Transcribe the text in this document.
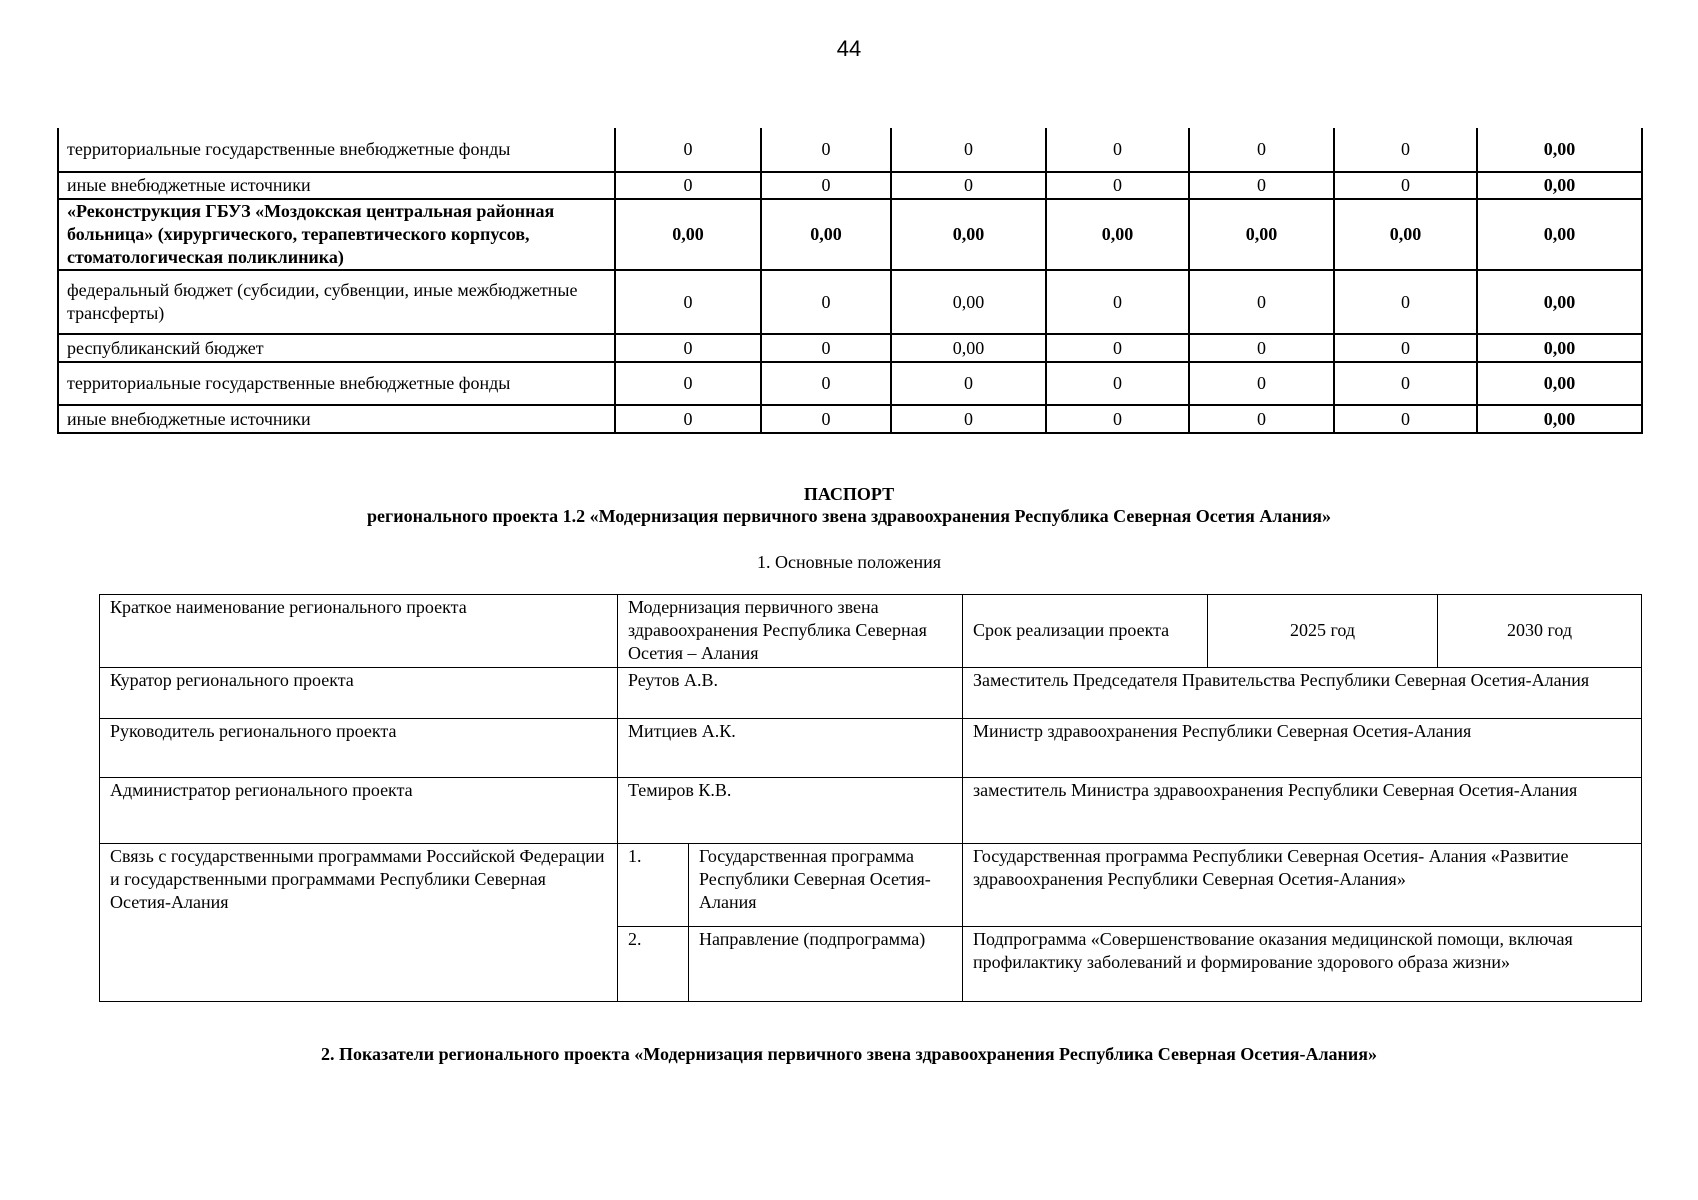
44
территориальные государственные внебюджетные фонды	0	0	0	0	0	0	0,00
иные внебюджетные источники	0	0	0	0	0	0	0,00
«Реконструкция ГБУЗ «Моздокская центральная районная больница» (хирургического, терапевтического корпусов, стоматологическая поликлиника)	0,00	0,00	0,00	0,00	0,00	0,00	0,00
федеральный бюджет (субсидии, субвенции, иные межбюджетные трансферты)	0	0	0,00	0	0	0	0,00
республиканский бюджет	0	0	0,00	0	0	0	0,00
территориальные государственные внебюджетные фонды	0	0	0	0	0	0	0,00
иные внебюджетные источники	0	0	0	0	0	0	0,00
ПАСПОРТ
регионального проекта 1.2 «Модернизация первичного звена здравоохранения Республика Северная Осетия Алания»
1. Основные положения
Краткое наименование регионального проекта	Модернизация первичного звена здравоохранения Республика Северная Осетия – Алания		Срок реализации проекта	2025 год	2030 год
Куратор регионального проекта	Реутов А.В.		Заместитель Председателя Правительства Республики Северная Осетия-Алания		
Руководитель регионального проекта	Митциев А.К.		Министр здравоохранения Республики Северная Осетия-Алания		
Администратор регионального проекта	Темиров К.В.		заместитель Министра здравоохранения Республики Северная Осетия-Алания		
Связь с государственными программами Российской Федерации и государственными программами Республики Северная Осетия-Алания	1.	Государственная программа Республики Северная Осетия-Алания	Государственная программа Республики Северная Осетия- Алания «Развитие здравоохранения Республики Северная Осетия-Алания»		
	2.	Направление (подпрограмма)	Подпрограмма «Совершенствование оказания медицинской помощи, включая профилактику заболеваний и формирование здорового образа жизни»		
2. Показатели регионального проекта «Модернизация первичного звена здравоохранения Республика Северная Осетия-Алания»
